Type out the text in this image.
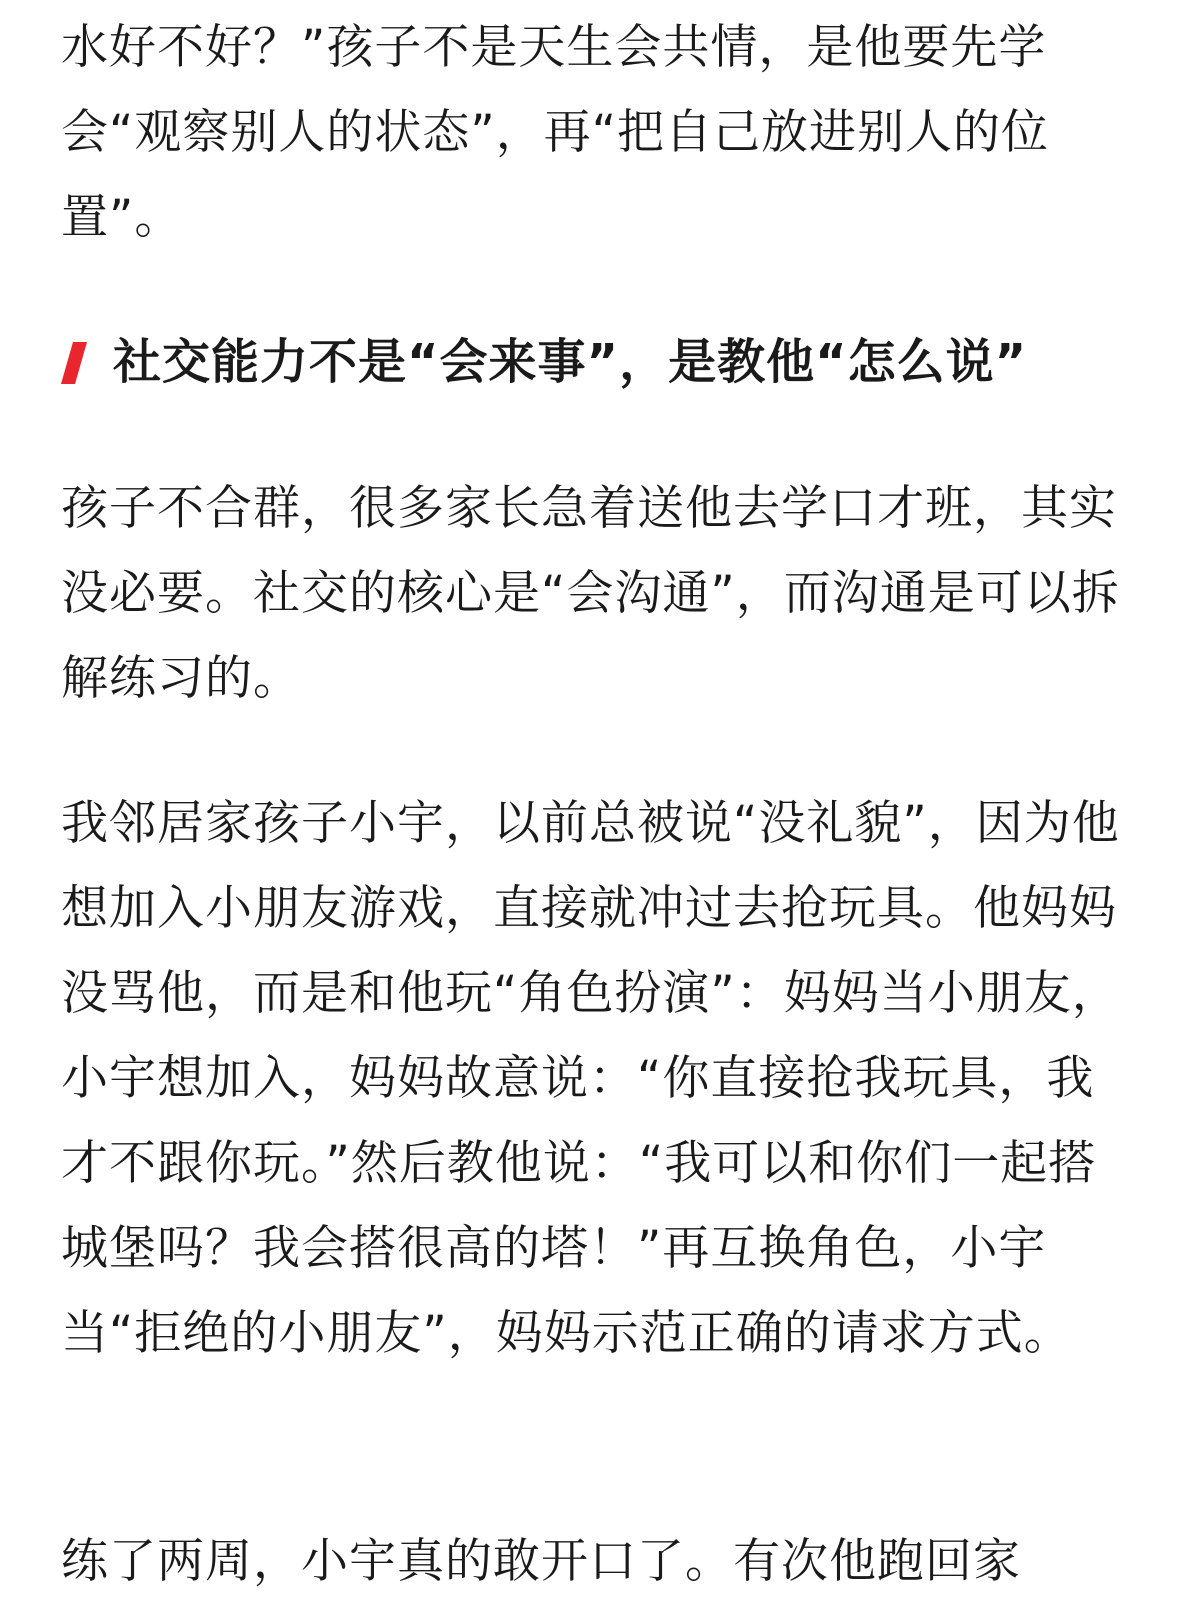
水好不好？”孩子不是天生会共情，是他要先学会“观察别人的状态”，再“把自己放进别人的位置”。

社交能力不是“会来事”，是教他“怎么说”

孩子不合群，很多家长急着送他去学口才班，其实没必要。社交的核心是“会沟通”，而沟通是可以拆解练习的。

我邻居家孩子小宇，以前总被说“没礼貌”，因为他想加入小朋友游戏，直接就冲过去抢玩具。他妈妈没骂他，而是和他玩“角色扮演”：妈妈当小朋友，小宇想加入，妈妈故意说：“你直接抢我玩具，我才不跟你玩。”然后教他说：“我可以和你们一起搭城堡吗？我会搭很高的塔！”再互换角色，小宇当“拒绝的小朋友”，妈妈示范正确的请求方式。

练了两周，小宇真的敢开口了。有次他跑回家
